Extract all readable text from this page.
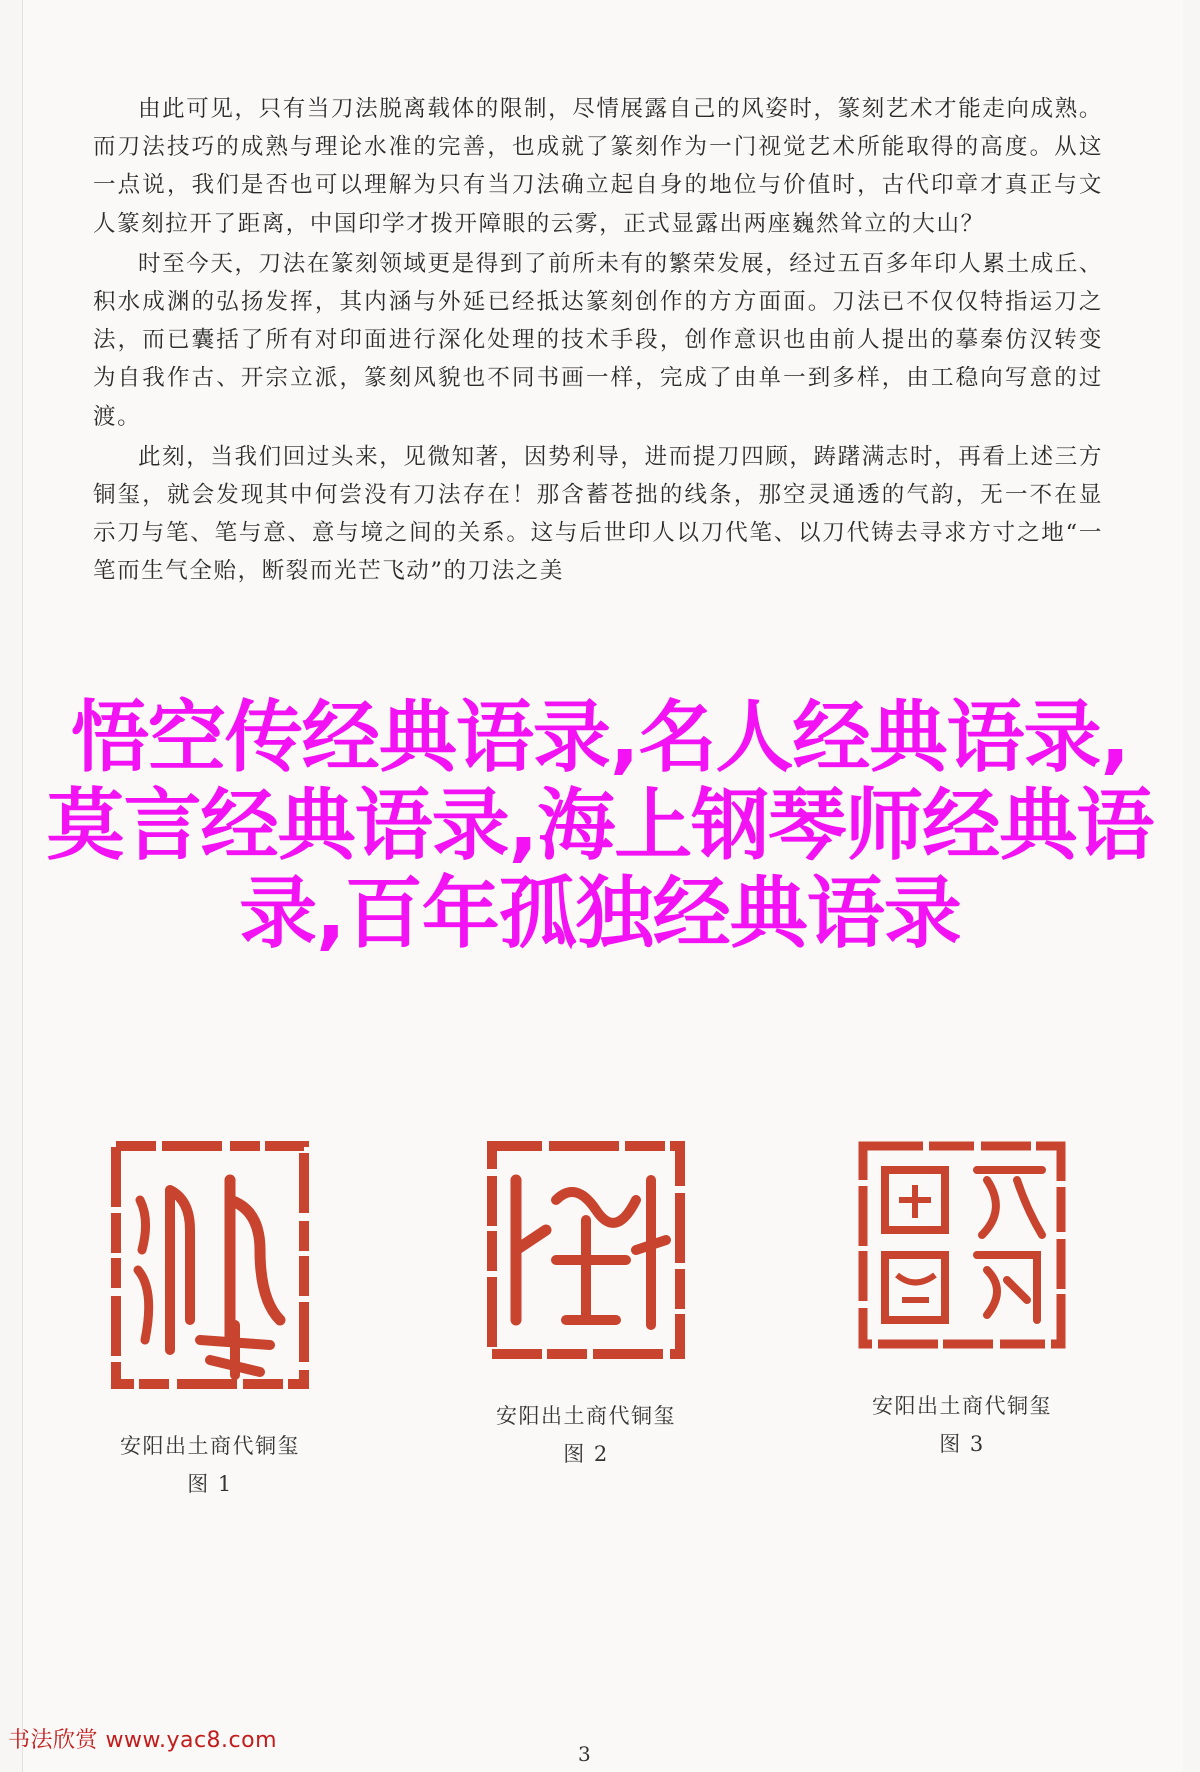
由此可见，只有当刀法脱离载体的限制，尽情展露自己的风姿时，篆刻艺术才能走向成熟。而刀法技巧的成熟与理论水准的完善，也成就了篆刻作为一门视觉艺术所能取得的高度。从这一点说，我们是否也可以理解为只有当刀法确立起自身的地位与价值时，古代印章才真正与文人篆刻拉开了距离，中国印学才拨开障眼的云雾，正式显露出两座巍然耸立的大山？

时至今天，刀法在篆刻领域更是得到了前所未有的繁荣发展，经过五百多年印人累土成丘、积水成渊的弘扬发挥，其内涵与外延已经抵达篆刻创作的方方面面。刀法已不仅仅特指运刀之法，而已囊括了所有对印面进行深化处理的技术手段，创作意识也由前人提出的摹秦仿汉转变为自我作古、开宗立派，篆刻风貌也不同书画一样，完成了由单一到多样，由工稳向写意的过渡。

此刻，当我们回过头来，见微知著，因势利导，进而提刀四顾，踌躇满志时，再看上述三方铜玺，就会发现其中何尝没有刀法存在！那含蓄苍拙的线条，那空灵通透的气韵，无一不在显示刀与笔、笔与意、意与境之间的关系。这与后世印人以刀代笔、以刀代铸去寻求方寸之地“一笔而生气全贻，断裂而光芒飞动”的刀法之美

悟空传经典语录,名人经典语录,莫言经典语录,海上钢琴师经典语录,百年孤独经典语录
安阳出土商代铜玺
图 1
安阳出土商代铜玺
图 2
安阳出土商代铜玺
图 3
书法欣赏 www.yac8.com
3
